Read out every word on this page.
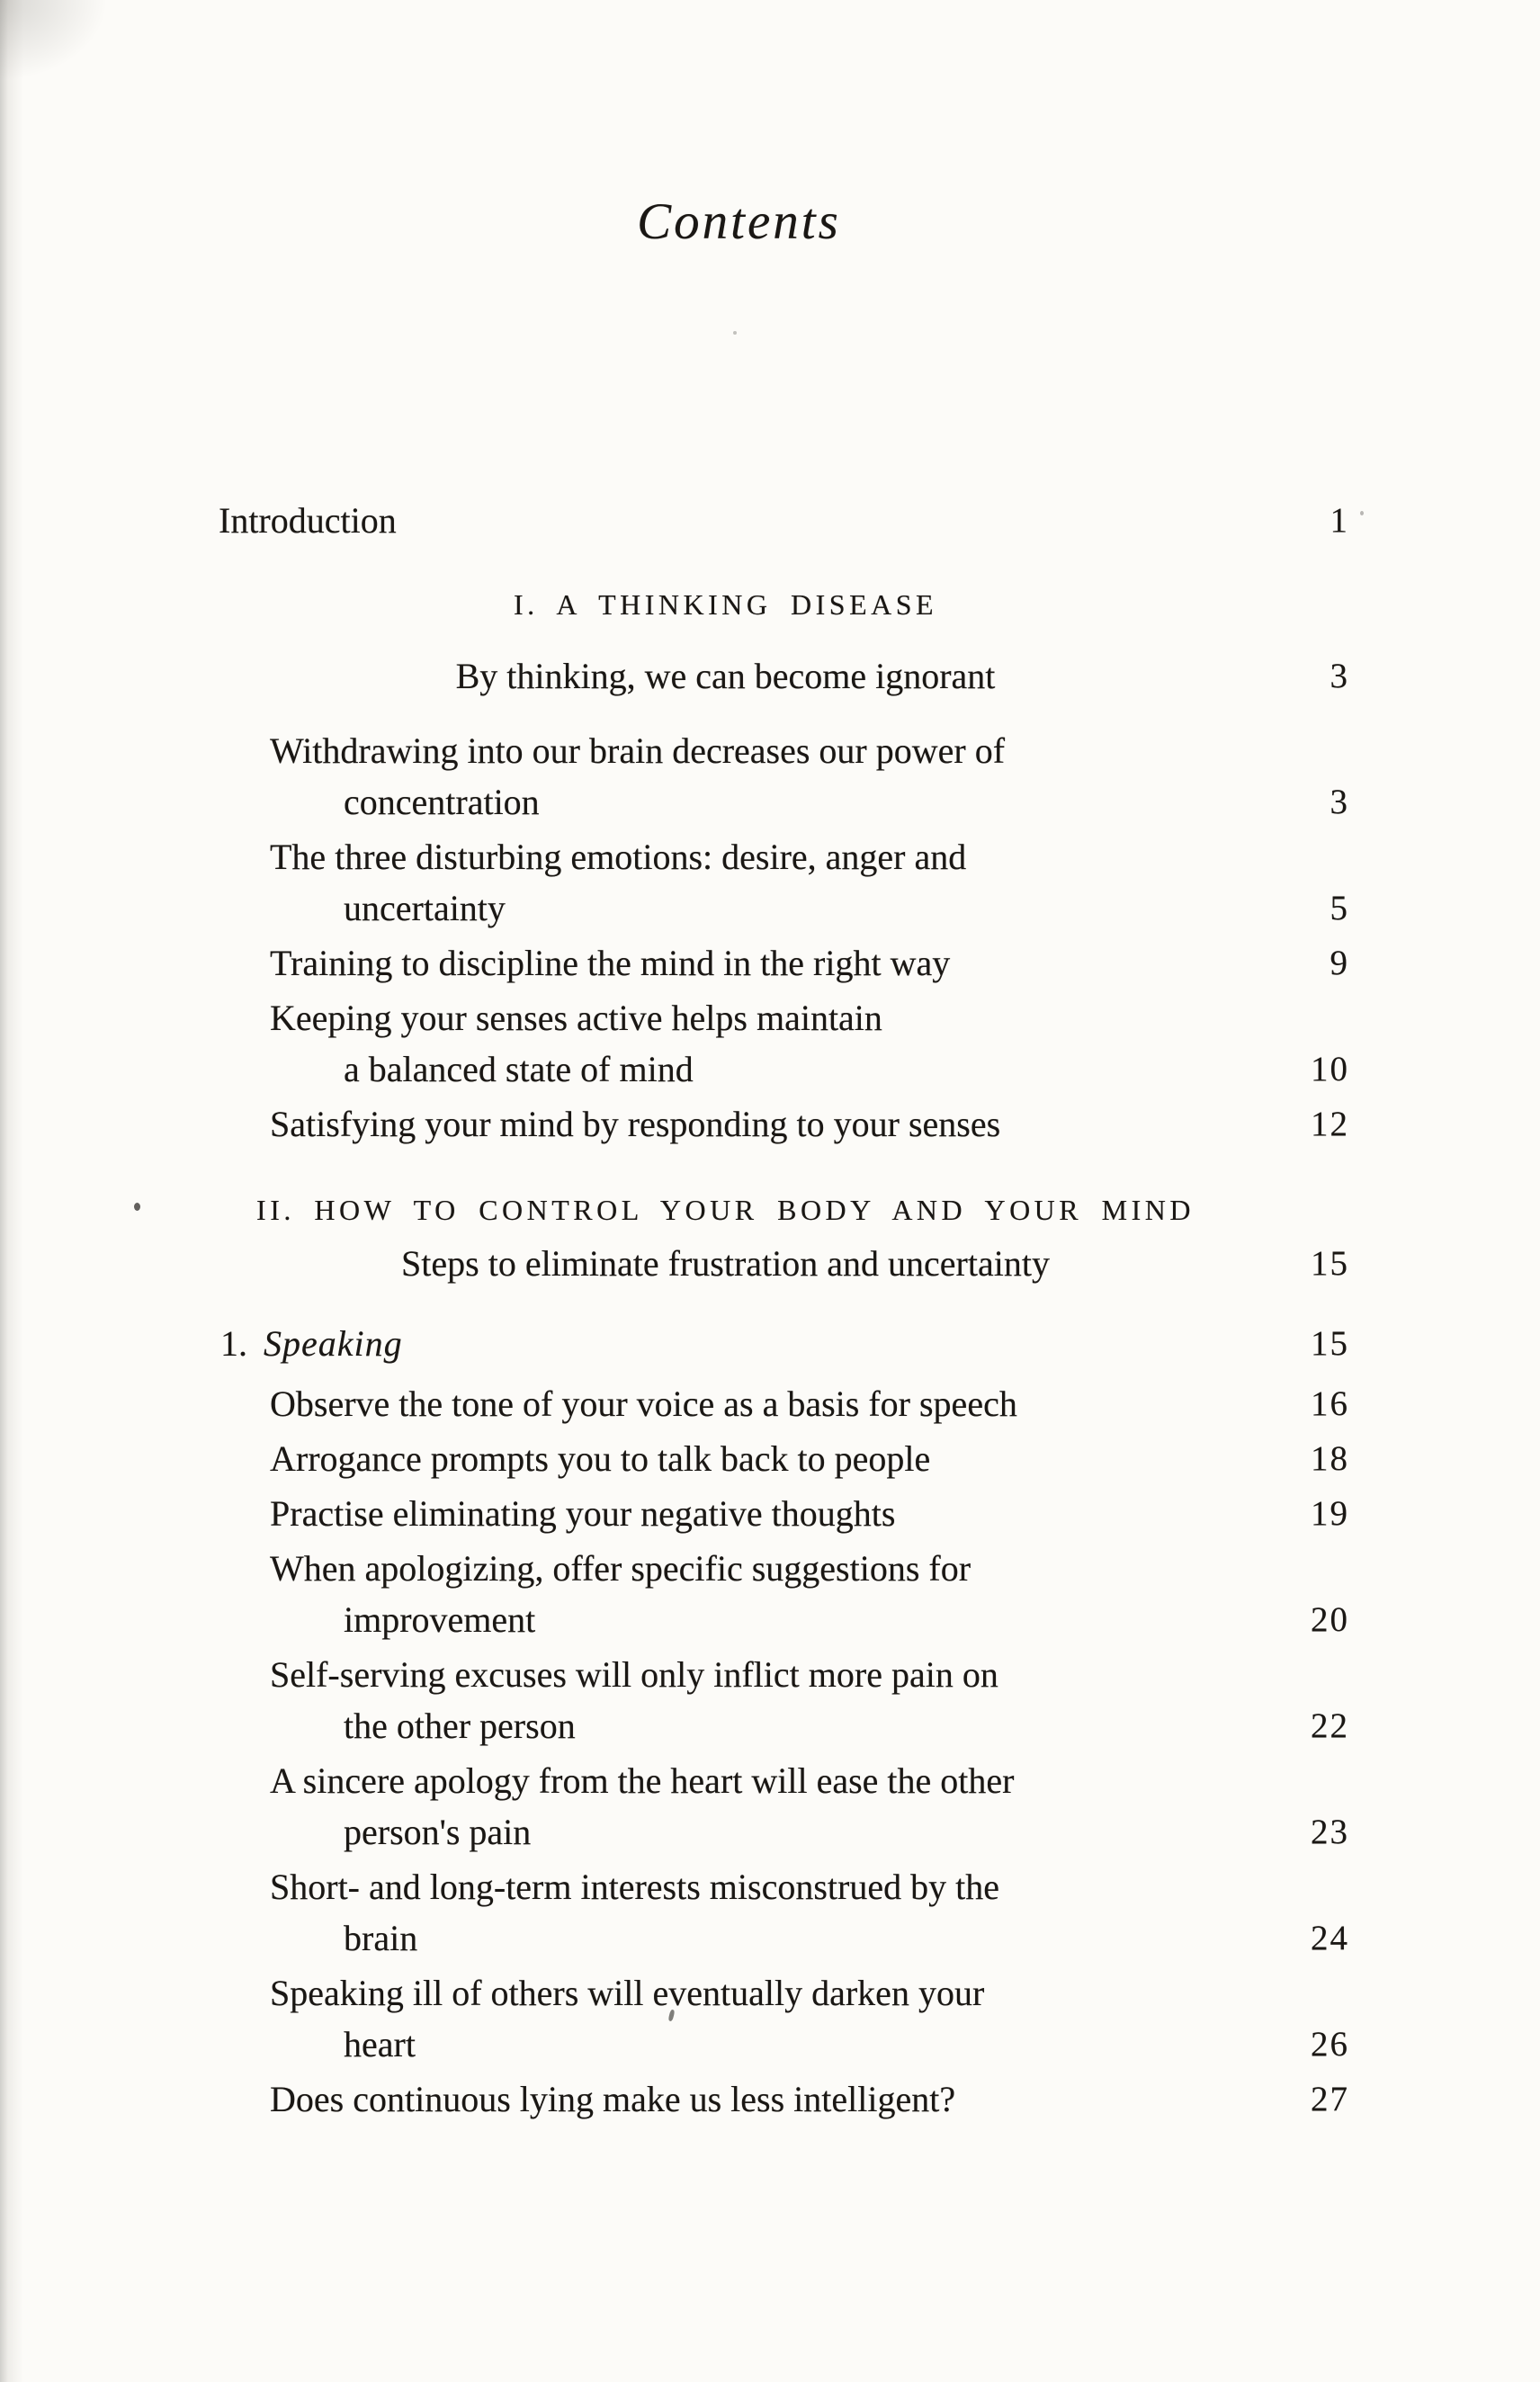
Contents
Introduction	1
I. A THINKING DISEASE
By thinking, we can become ignorant	3
Withdrawing into our brain decreases our power of
concentration	3
The three disturbing emotions: desire, anger and
uncertainty	5
Training to discipline the mind in the right way	9
Keeping your senses active helps maintain
a balanced state of mind	10
Satisfying your mind by responding to your senses	12
II. HOW TO CONTROL YOUR BODY AND YOUR MIND
Steps to eliminate frustration and uncertainty	15
1. Speaking	15
Observe the tone of your voice as a basis for speech	16
Arrogance prompts you to talk back to people	18
Practise eliminating your negative thoughts	19
When apologizing, offer specific suggestions for
improvement	20
Self-serving excuses will only inflict more pain on
the other person	22
A sincere apology from the heart will ease the other
person's pain	23
Short- and long-term interests misconstrued by the
brain	24
Speaking ill of others will eventually darken your
heart	26
Does continuous lying make us less intelligent?	27
